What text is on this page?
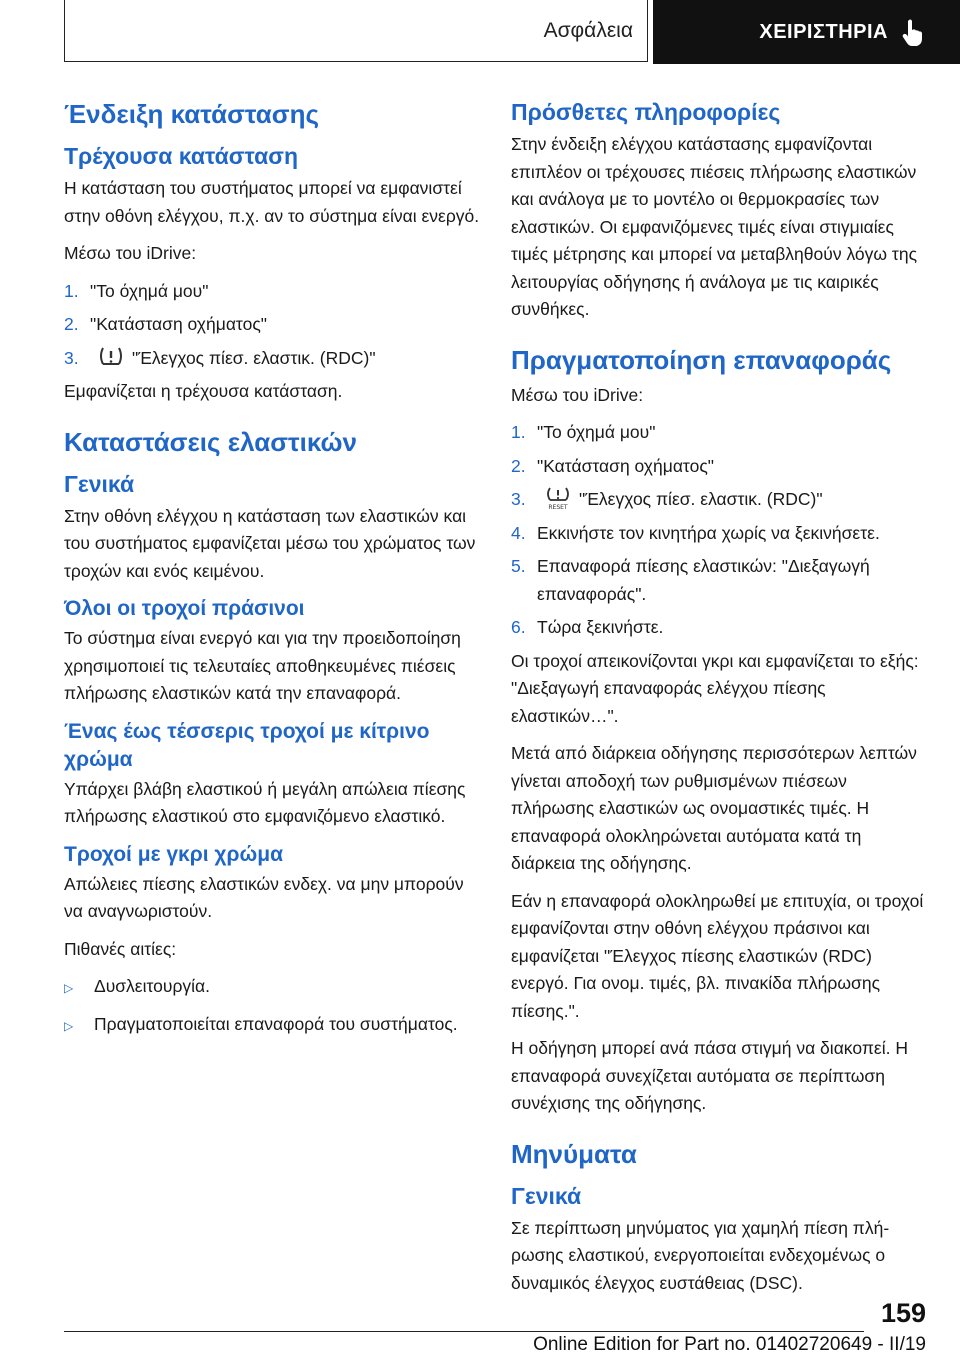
Ασφάλεια	ΧΕΙΡΙΣΤΗΡΙΑ
Ένδειξη κατάστασης
Τρέχουσα κατάσταση

Η κατάσταση του συστήματος μπορεί να εμφανιστεί στην οθόνη ελέγχου, π.χ. αν το σύστημα είναι ενεργό.

Μέσω του iDrive:

1. "Το όχημά μου"
2. "Κατάσταση οχήματος"
3.	"Έλεγχος πίεσ. ελαστικ. (RDC)"

Εμφανίζεται η τρέχουσα κατάσταση.

Καταστάσεις ελαστικών
Γενικά

Στην οθόνη ελέγχου η κατάσταση των ελαστικών και του συστήματος εμφανίζεται μέσω του χρώματος των τροχών και ενός κειμένου.

Όλοι οι τροχοί πράσινοι

Το σύστημα είναι ενεργό και για την προειδοποίηση χρησιμοποιεί τις τελευταίες αποθηκευμένες πιέσεις πλήρωσης ελαστικών κατά την επαναφορά.

Ένας έως τέσσερις τροχοί με κίτρινο χρώμα

Υπάρχει βλάβη ελαστικού ή μεγάλη απώλεια πίεσης πλήρωσης ελαστικού στο εμφανιζόμενο ελαστικό.

Τροχοί με γκρι χρώμα

Απώλειες πίεσης ελαστικών ενδεχ. να μην μπορούν να αναγνωριστούν.

Πιθανές αιτίες:

▷	Δυσλειτουργία.
▷	Πραγματοποιείται επαναφορά του συστήματος.
Πρόσθετες πληροφορίες

Στην ένδειξη ελέγχου κατάστασης εμφανίζονται επιπλέον οι τρέχουσες πιέσεις πλήρωσης ελαστικών και ανάλογα με το μοντέλο οι θερμοκρασίες των ελαστικών. Οι εμφανιζόμενες τιμές είναι στιγμιαίες τιμές μέτρησης και μπορεί να μεταβληθούν λόγω της λειτουργίας οδήγησης ή ανάλογα με τις καιρικές συνθήκες.

Πραγματοποίηση επαναφοράς

Μέσω του iDrive:

1. "Το όχημά μου"
2. "Κατάσταση οχήματος"
3.	RESET "Έλεγχος πίεσ. ελαστικ. (RDC)"
4. Εκκινήστε τον κινητήρα χωρίς να ξεκινήσετε.
5. Επαναφορά πίεσης ελαστικών: "Διεξαγωγή επαναφοράς".
6. Τώρα ξεκινήστε.

Οι τροχοί απεικονίζονται γκρι και εμφανίζεται το εξής: "Διεξαγωγή επαναφοράς ελέγχου πίεσης ελαστικών…".

Μετά από διάρκεια οδήγησης περισσότερων λεπτών γίνεται αποδοχή των ρυθμισμένων πιέσεων πλήρωσης ελαστικών ως ονομαστικές τιμές. Η επαναφορά ολοκληρώνεται αυτόματα κατά τη διάρκεια της οδήγησης.

Εάν η επαναφορά ολοκληρωθεί με επιτυχία, οι τροχοί εμφανίζονται στην οθόνη ελέγχου πράσινοι και εμφανίζεται "Έλεγχος πίεσης ελαστικών (RDC) ενεργό. Για ονομ. τιμές, βλ. πινακίδα πλήρωσης πίεσης.".

Η οδήγηση μπορεί ανά πάσα στιγμή να διακοπεί. Η επαναφορά συνεχίζεται αυτόματα σε περίπτωση συνέχισης της οδήγησης.

Μηνύματα
Γενικά

Σε περίπτωση μηνύματος για χαμηλή πίεση πλήρωσης ελαστικού, ενεργοποιείται ενδεχομένως ο δυναμικός έλεγχος ευστάθειας (DSC).

159
Online Edition for Part no. 01402720649 - II/19
